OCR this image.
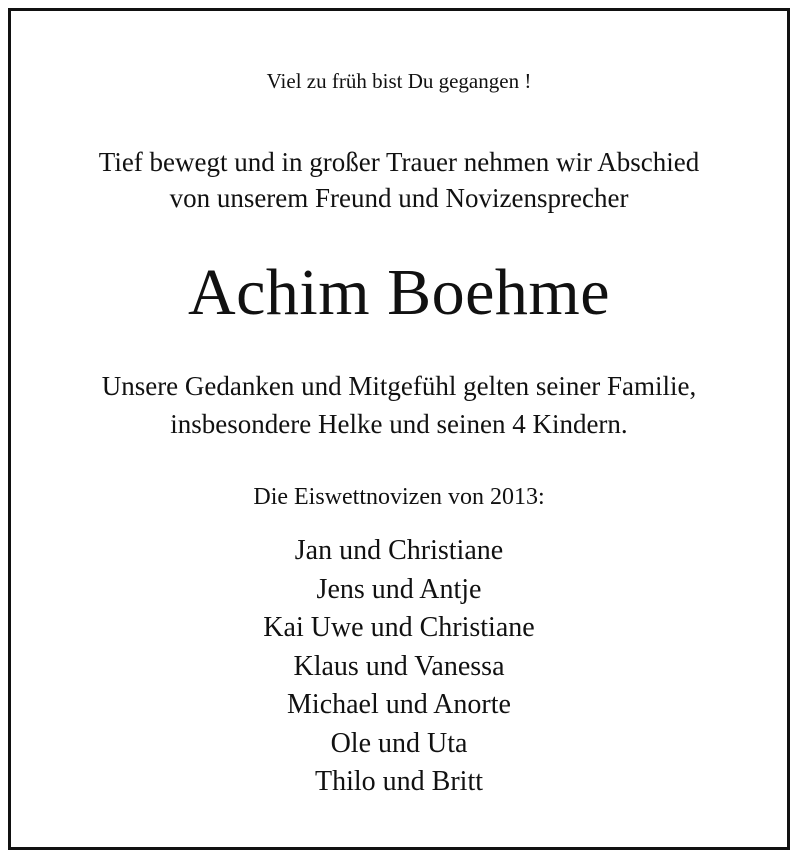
Viel zu früh bist Du gegangen !
Tief bewegt und in großer Trauer nehmen wir Abschied
von unserem Freund und Novizensprecher
Achim Boehme
Unsere Gedanken und Mitgefühl gelten seiner Familie,
insbesondere Helke und seinen 4 Kindern.
Die Eiswettnovizen von 2013:
Jan und Christiane
Jens und Antje
Kai Uwe und Christiane
Klaus und Vanessa
Michael und Anorte
Ole und Uta
Thilo und Britt
